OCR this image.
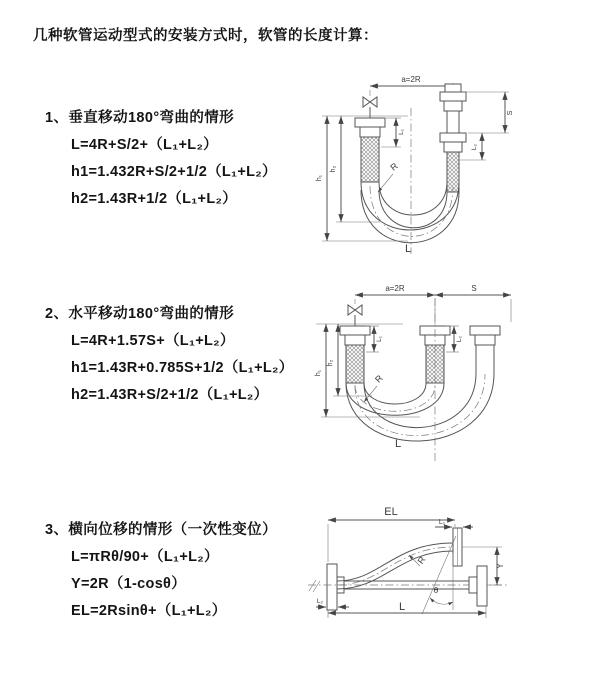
几种软管运动型式的安装方式时，软管的长度计算：
1、垂直移动180°弯曲的情形
L=4R+S/2+（L₁+L₂）
h1=1.432R+S/2+1/2（L₁+L₂）
h2=1.43R+1/2（L₁+L₂）
2、水平移动180°弯曲的情形
L=4R+1.57S+（L₁+L₂）
h1=1.43R+0.785S+1/2（L₁+L₂）
h2=1.43R+S/2+1/2（L₁+L₂）
3、横向位移的情形（一次性变位）
L=πRθ/90+（L₁+L₂）
Y=2R（1-cosθ）
EL=2Rsinθ+（L₁+L₂）
a=2R
h₁
h₂
L₁
S
L₂
R
L
a=2R	S
h₁
h₂
L₁	L₂
R
L
EL
L₁
R
θ
Y
L₂	L
